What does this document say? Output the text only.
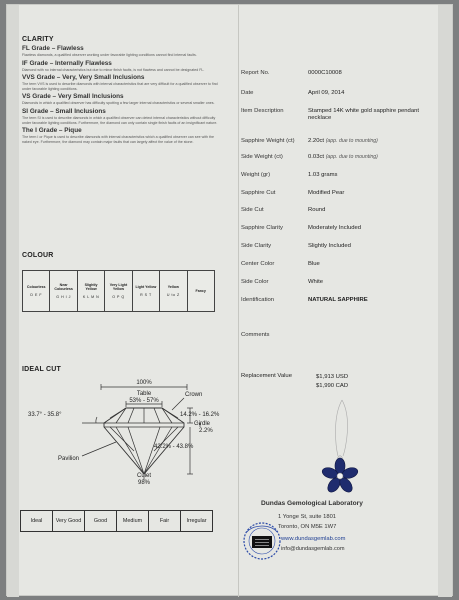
CLARITY
FL Grade – Flawless
Flawless diamonds, a qualified observer working under favorable lighting conditions cannot find internal faults.
IF Grade – Internally Flawless
Diamond with no internal characteristics but due to minor finish faults, is not flawless and cannot be designated FL.
VVS Grade – Very, Very Small Inclusions
The term VVS is used to describe diamonds with internal characteristics that are very difficult for a qualified observer to find under favorable lighting conditions.
VS Grade – Very Small Inclusions
Diamonds in which a qualified observer has difficulty spotting a few larger internal characteristics or several smaller ones.
SI Grade – Small Inclusions
The term SI is used to describe diamonds in which a qualified observer can detect internal characteristics without difficulty under favorable lighting conditions. Furthermore, the diamond can only contain single finish faults of an insignificant nature.
The I Grade – Pique
The term I or Pique is used to describe diamonds with internal characteristics which a qualified observer can see with the naked eye. Furthermore, the diamond may contain major faults that can largely affect the value of the stone.
COLOUR
Colourless
D E F
Near Colourless
G H I J
Slightly Yellow
K L M N
Very Light Yellow
O P Q
Light Yellow
R S T
Yellow
U to Z
Fancy
IDEAL CUT
100%
Table
53% - 57%
Crown
33.7° - 35.8°	14.2% - 16.2%
Girdle
2.2%
42.2% - 43.8%
Pavilion
Culet
98%
Ideal	Very Good	Good	Medium	Fair	Irregular
Report No.	0000C10008
Date	April 09, 2014
Item Description	Stamped 14K white gold sapphire pendant necklace
Sapphire Weight (ct)	2.20ct (app. due to mounting)
Side Weight (ct)	0.03ct (app. due to mounting)
Weight (gr)	1.03 grams
Sapphire Cut	Modified Pear
Side Cut	Round
Sapphire Clarity	Moderately Included
Side Clarity	Slightly Included
Center Color	Blue
Side Color	White
Identification	NATURAL SAPPHIRE
Comments
Replacement Value	$1,913 USD
$1,990 CAD
Dundas Gemological Laboratory
1 Yonge St, suite 1801
Toronto, ON M5E 1W7
www.dundasgemlab.com
info@dundasgemlab.com
